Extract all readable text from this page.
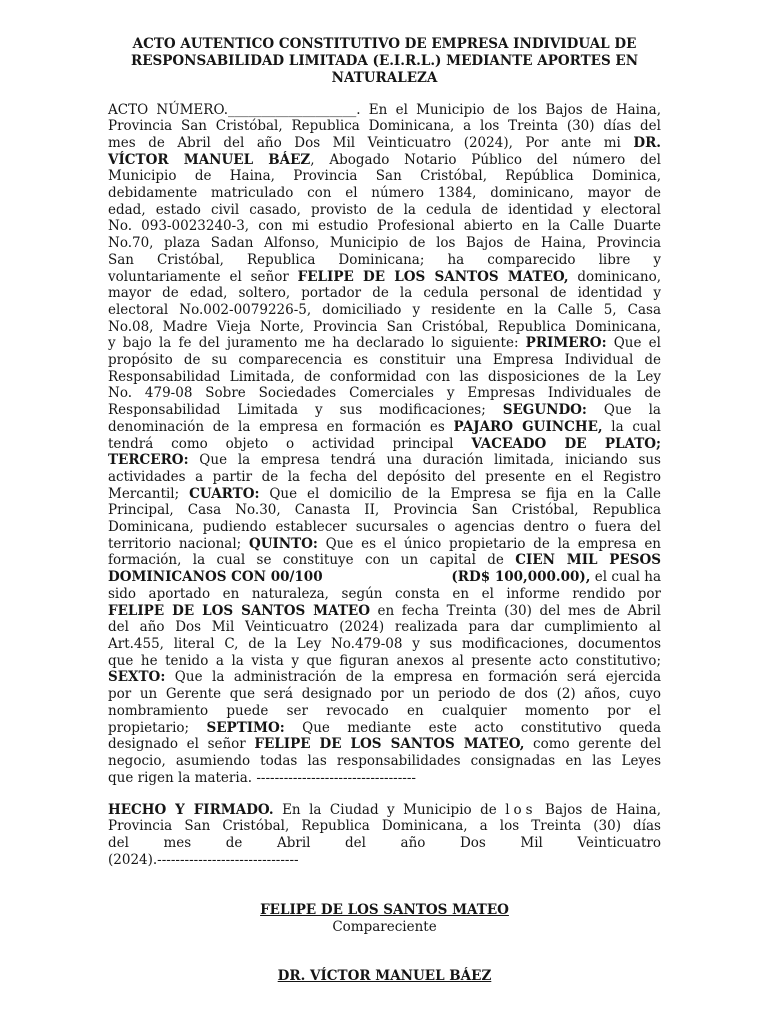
ACTO AUTENTICO CONSTITUTIVO DE EMPRESA INDIVIDUAL DE
RESPONSABILIDAD LIMITADA (E.I.R.L.) MEDIANTE APORTES EN
NATURALEZA
ACTO NÚMERO.___________________. En el Municipio de los Bajos de Haina,
Provincia San Cristóbal, Republica Dominicana, a los Treinta (30) días del
mes de Abril del año Dos Mil Veinticuatro (2024), Por ante mi DR.
VÍCTOR MANUEL BÁEZ, Abogado Notario Público del número del
Municipio de Haina, Provincia San Cristóbal, República Dominica,
debidamente matriculado con el número 1384, dominicano, mayor de
edad, estado civil casado, provisto de la cedula de identidad y electoral
No. 093-0023240-3, con mi estudio Profesional abierto en la Calle Duarte
No.70, plaza Sadan Alfonso, Municipio de los Bajos de Haina, Provincia
San Cristóbal, Republica Dominicana; ha comparecido libre y
voluntariamente el señor FELIPE DE LOS SANTOS MATEO, dominicano,
mayor de edad, soltero, portador de la cedula personal de identidad y
electoral No.002-0079226-5, domiciliado y residente en la Calle 5, Casa
No.08, Madre Vieja Norte, Provincia San Cristóbal, Republica Dominicana,
y bajo la fe del juramento me ha declarado lo siguiente: PRIMERO: Que el
propósito de su comparecencia es constituir una Empresa Individual de
Responsabilidad Limitada, de conformidad con las disposiciones de la Ley
No. 479-08 Sobre Sociedades Comerciales y Empresas Individuales de
Responsabilidad Limitada y sus modificaciones; SEGUNDO: Que la
denominación de la empresa en formación es PAJARO GUINCHE, la cual
tendrá como objeto o actividad principal VACEADO DE PLATO;
TERCERO: Que la empresa tendrá una duración limitada, iniciando sus
actividades a partir de la fecha del depósito del presente en el Registro
Mercantil; CUARTO: Que el domicilio de la Empresa se fija en la Calle
Principal, Casa No.30, Canasta II, Provincia San Cristóbal, Republica
Dominicana, pudiendo establecer sucursales o agencias dentro o fuera del
territorio nacional; QUINTO: Que es el único propietario de la empresa en
formación, la cual se constituye con un capital de CIEN MIL PESOS
DOMINICANOS CON 00/100	(RD$ 100,000.00), el cual ha
sido aportado en naturaleza, según consta en el informe rendido por
FELIPE DE LOS SANTOS MATEO en fecha Treinta (30) del mes de Abril
del año Dos Mil Veinticuatro (2024) realizada para dar cumplimiento al
Art.455, literal C, de la Ley No.479-08 y sus modificaciones, documentos
que he tenido a la vista y que figuran anexos al presente acto constitutivo;
SEXTO: Que la administración de la empresa en formación será ejercida
por un Gerente que será designado por un periodo de dos (2) años, cuyo
nombramiento puede ser revocado en cualquier momento por el
propietario; SEPTIMO: Que mediante este acto constitutivo queda
designado el señor FELIPE DE LOS SANTOS MATEO, como gerente del
negocio, asumiendo todas las responsabilidades consignadas en las Leyes
que rigen la materia. -----------------------------------
HECHO Y FIRMADO. En la Ciudad y Municipio de los Bajos de Haina,
Provincia San Cristóbal, Republica Dominicana, a los Treinta (30) días
del mes de Abril del año Dos Mil Veinticuatro
(2024).-------------------------------
FELIPE DE LOS SANTOS MATEO
Compareciente
DR. VÍCTOR MANUEL BÁEZ
